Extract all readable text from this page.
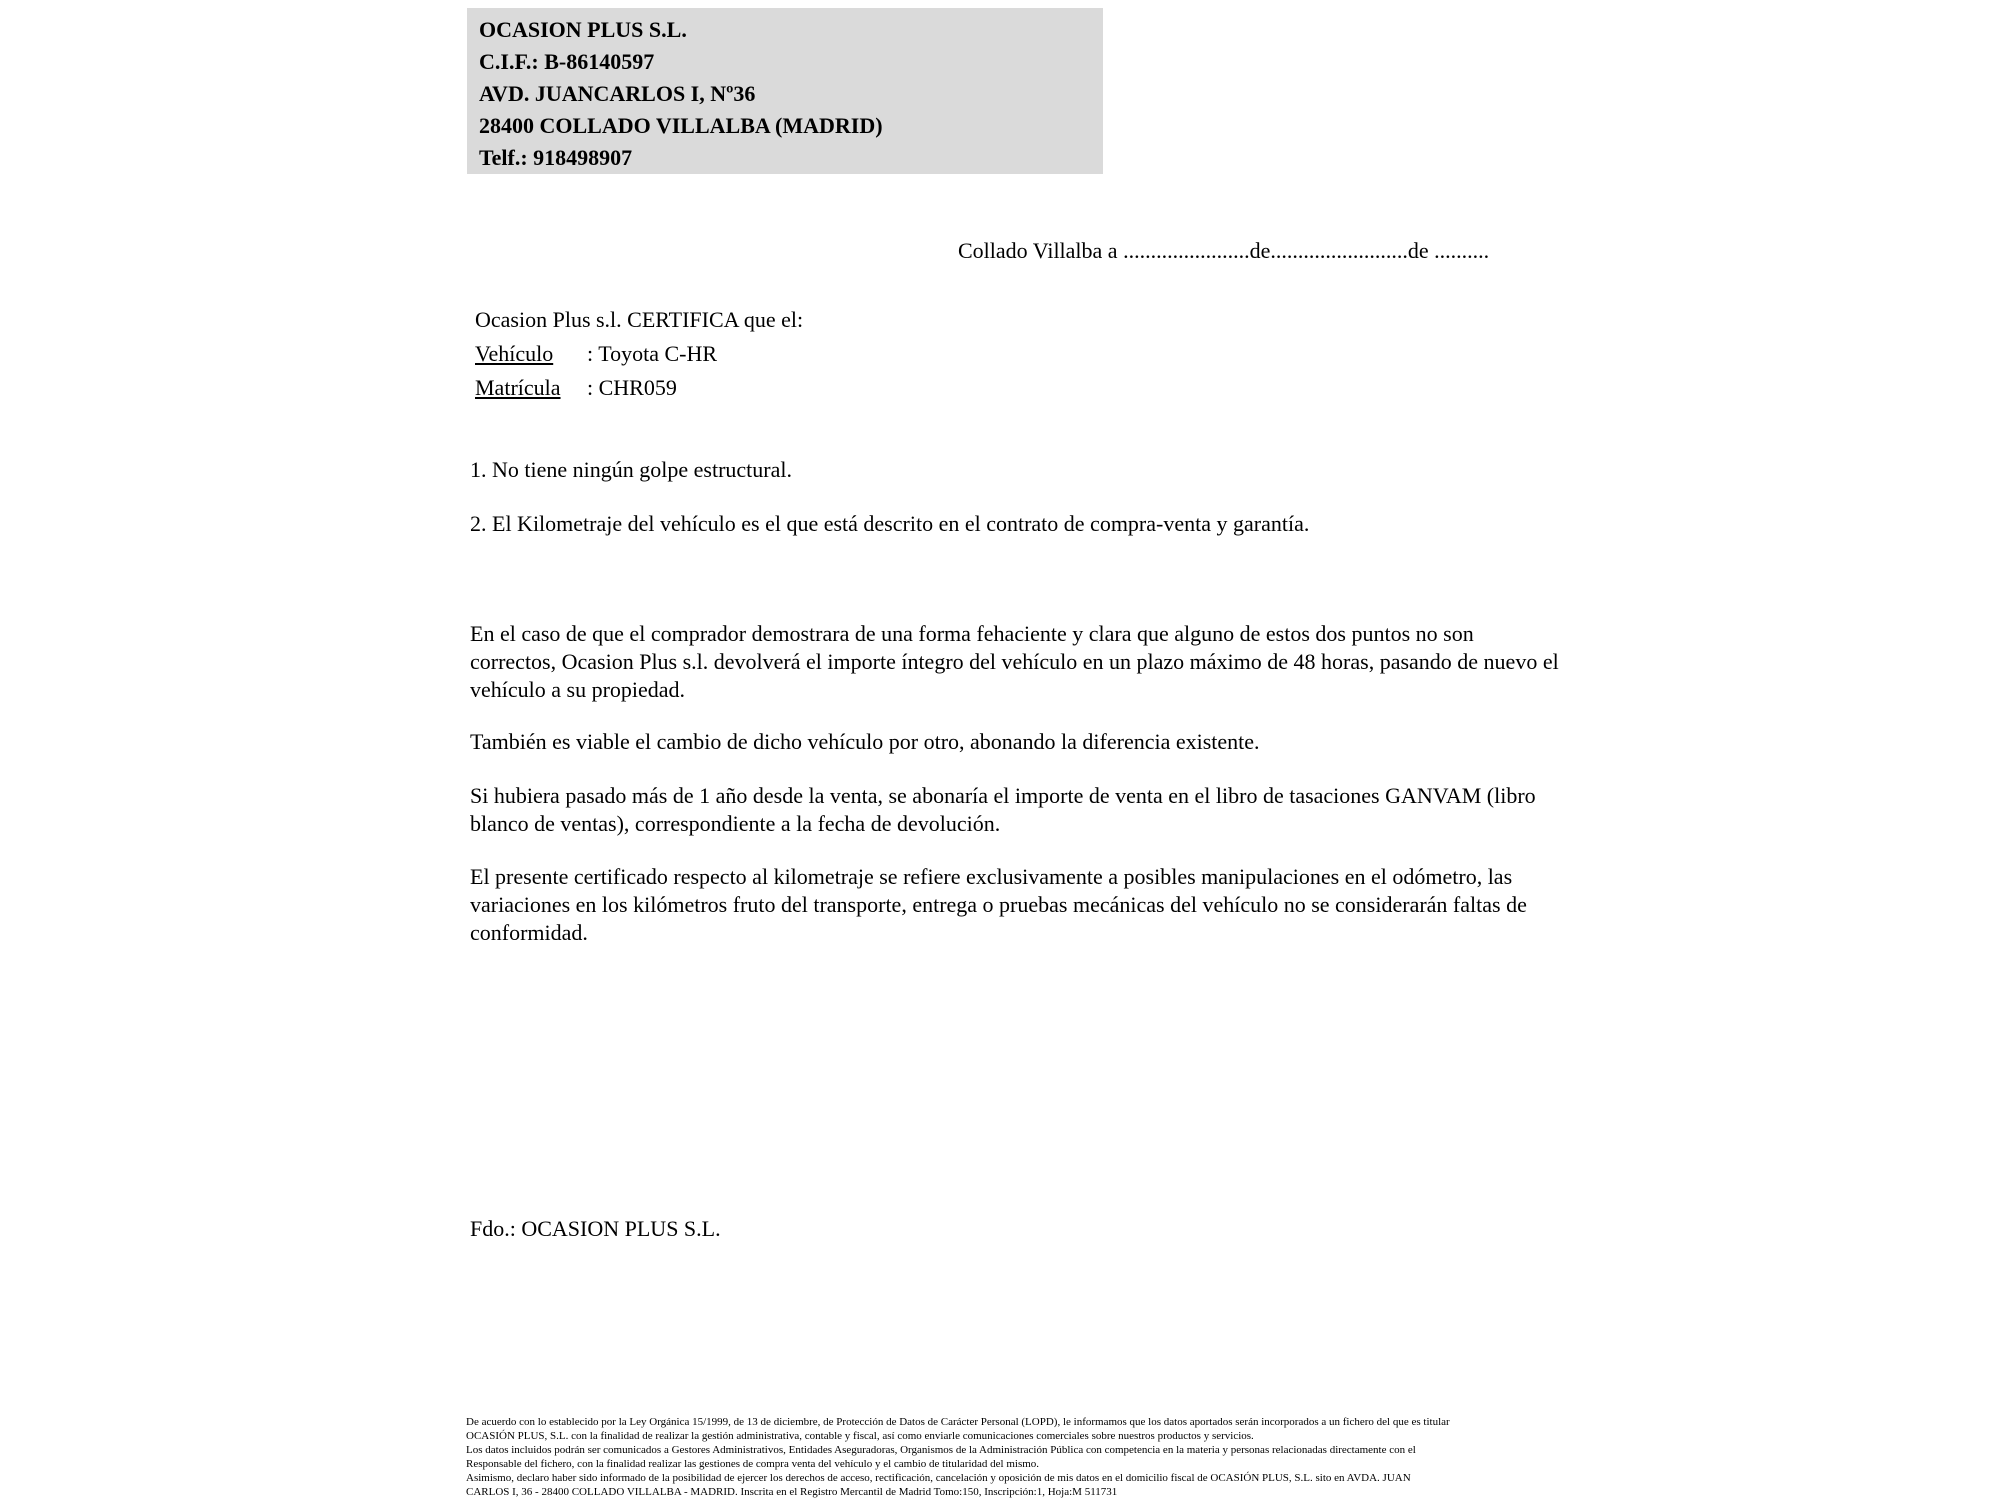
OCASION PLUS S.L.
C.I.F.: B-86140597
AVD. JUANCARLOS I, Nº36
28400 COLLADO VILLALBA (MADRID)
Telf.: 918498907
Collado Villalba a .......................de.........................de ..........
Ocasion Plus s.l. CERTIFICA que el:
Vehículo : Toyota C-HR
Matrícula : CHR059
1. No tiene ningún golpe estructural.
2. El Kilometraje del vehículo es el que está descrito en el contrato de compra-venta y garantía.
En el caso de que el comprador demostrara de una forma fehaciente y clara que alguno de estos dos puntos no son correctos, Ocasion Plus s.l. devolverá el importe íntegro del vehículo en un plazo máximo de 48 horas, pasando de nuevo el vehículo a su propiedad.
También es viable el cambio de dicho vehículo por otro, abonando la diferencia existente.
Si hubiera pasado más de 1 año desde la venta, se abonaría el importe de venta en el libro de tasaciones GANVAM (libro blanco de ventas), correspondiente a la fecha de devolución.
El presente certificado respecto al kilometraje se refiere exclusivamente a posibles manipulaciones en el odómetro, las variaciones en los kilómetros fruto del transporte, entrega o pruebas mecánicas del vehículo no se considerarán faltas de conformidad.
Fdo.: OCASION PLUS S.L.
De acuerdo con lo establecido por la Ley Orgánica 15/1999, de 13 de diciembre, de Protección de Datos de Carácter Personal (LOPD), le informamos que los datos aportados serán incorporados a un fichero del que es titular
OCASIÓN PLUS, S.L. con la finalidad de realizar la gestión administrativa, contable y fiscal, así como enviarle comunicaciones comerciales sobre nuestros productos y servicios.
Los datos incluidos podrán ser comunicados a Gestores Administrativos, Entidades Aseguradoras, Organismos de la Administración Pública con competencia en la materia y personas relacionadas directamente con el
Responsable del fichero, con la finalidad realizar las gestiones de compra venta del vehículo y el cambio de titularidad del mismo.
Asimismo, declaro haber sido informado de la posibilidad de ejercer los derechos de acceso, rectificación, cancelación y oposición de mis datos en el domicilio fiscal de OCASIÓN PLUS, S.L. sito en AVDA. JUAN
CARLOS I, 36 - 28400 COLLADO VILLALBA - MADRID. Inscrita en el Registro Mercantil de Madrid Tomo:150, Inscripción:1, Hoja:M 511731
